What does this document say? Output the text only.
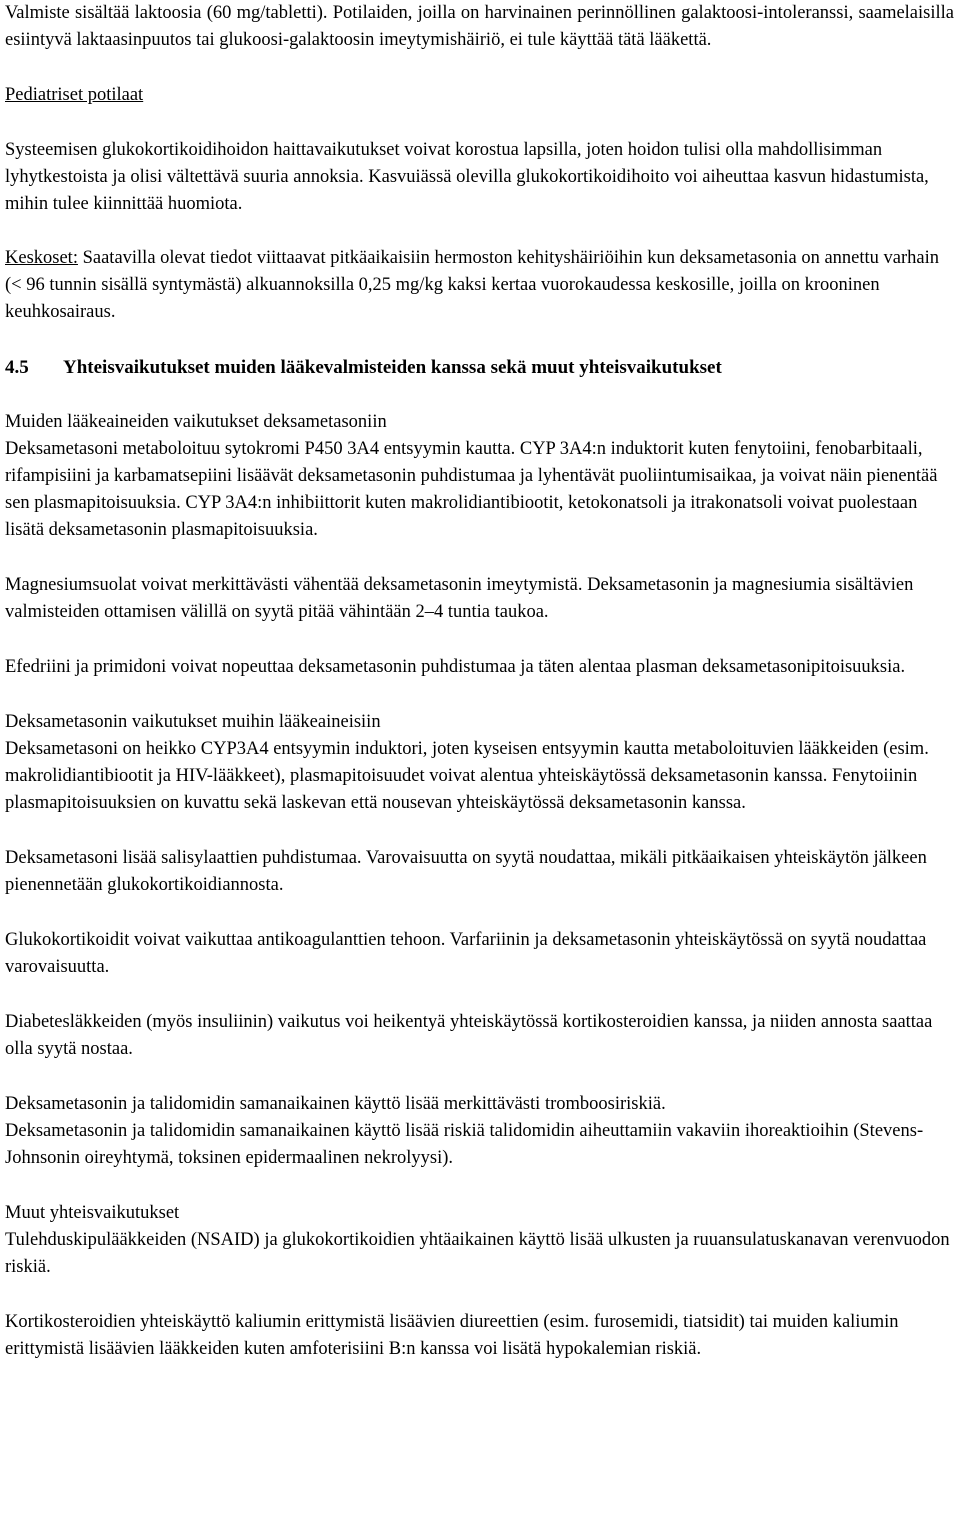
Valmiste sisältää laktoosia (60 mg/tabletti). Potilaiden, joilla on harvinainen perinnöllinen galaktoosi-intoleranssi, saamelaisilla esiintyvä laktaasinpuutos tai glukoosi-galaktoosin imeytymishäiriö, ei tule käyttää tätä lääkettä.

Pediatriset potilaat

Systeemisen glukokortikoidihoidon haittavaikutukset voivat korostua lapsilla, joten hoidon tulisi olla mahdollisimman lyhytkestoista ja olisi vältettävä suuria annoksia. Kasvuiässä olevilla glukokortikoidihoito voi aiheuttaa kasvun hidastumista, mihin tulee kiinnittää huomiota.

Keskoset: Saatavilla olevat tiedot viittaavat pitkäaikaisiin hermoston kehityshäiriöihin kun deksametasonia on annettu varhain (< 96 tunnin sisällä syntymästä) alkuannoksilla 0,25 mg/kg kaksi kertaa vuorokaudessa keskosille, joilla on krooninen keuhkosairaus.

4.5 Yhteisvaikutukset muiden lääkevalmisteiden kanssa sekä muut yhteisvaikutukset

Muiden lääkeaineiden vaikutukset deksametasoniin

Deksametasoni metaboloituu sytokromi P450 3A4 entsyymin kautta. CYP 3A4:n induktorit kuten fenytoiini, fenobarbitaali, rifampisiini ja karbamatsepiini lisäävät deksametasonin puhdistumaa ja lyhentävät puoliintumisaikaa, ja voivat näin pienentää sen plasmapitoisuuksia. CYP 3A4:n inhibiittorit kuten makrolidiantibiootit, ketokonatsoli ja itrakonatsoli voivat puolestaan lisätä deksametasonin plasmapitoisuuksia.

Magnesiumsuolat voivat merkittävästi vähentää deksametasonin imeytymistä. Deksametasonin ja magnesiumia sisältävien valmisteiden ottamisen välillä on syytä pitää vähintään 2–4 tuntia taukoa.

Efedriini ja primidoni voivat nopeuttaa deksametasonin puhdistumaa ja täten alentaa plasman deksametasonipitoisuuksia.

Deksametasonin vaikutukset muihin lääkeaineisiin

Deksametasoni on heikko CYP3A4 entsyymin induktori, joten kyseisen entsyymin kautta metaboloituvien lääkkeiden (esim. makrolidiantibiootit ja HIV-lääkkeet), plasmapitoisuudet voivat alentua yhteiskäytössä deksametasonin kanssa. Fenytoiinin plasmapitoisuuksien on kuvattu sekä laskevan että nousevan yhteiskäytössä deksametasonin kanssa.

Deksametasoni lisää salisylaattien puhdistumaa. Varovaisuutta on syytä noudattaa, mikäli pitkäaikaisen yhteiskäytön jälkeen pienennetään glukokortikoidiannosta.

Glukokortikoidit voivat vaikuttaa antikoagulanttien tehoon. Varfariinin ja deksametasonin yhteiskäytössä on syytä noudattaa varovaisuutta.

Diabetesläkkeiden (myös insuliinin) vaikutus voi heikentyä yhteiskäytössä kortikosteroidien kanssa, ja niiden annosta saattaa olla syytä nostaa.

Deksametasonin ja talidomidin samanaikainen käyttö lisää merkittävästi tromboosiriskiä.

Deksametasonin ja talidomidin samanaikainen käyttö lisää riskiä talidomidin aiheuttamiin vakaviin ihoreaktioihin (Stevens-Johnsonin oireyhtymä, toksinen epidermaalinen nekrolyysi).

Muut yhteisvaikutukset

Tulehduskipulääkkeiden (NSAID) ja glukokortikoidien yhtäaikainen käyttö lisää ulkusten ja ruuansulatuskanavan verenvuodon riskiä.

Kortikosteroidien yhteiskäyttö kaliumin erittymistä lisäävien diureettien (esim. furosemidi, tiatsidit) tai muiden kaliumin erittymistä lisäävien lääkkeiden kuten amfoterisiini B:n kanssa voi lisätä hypokalemian riskiä.
